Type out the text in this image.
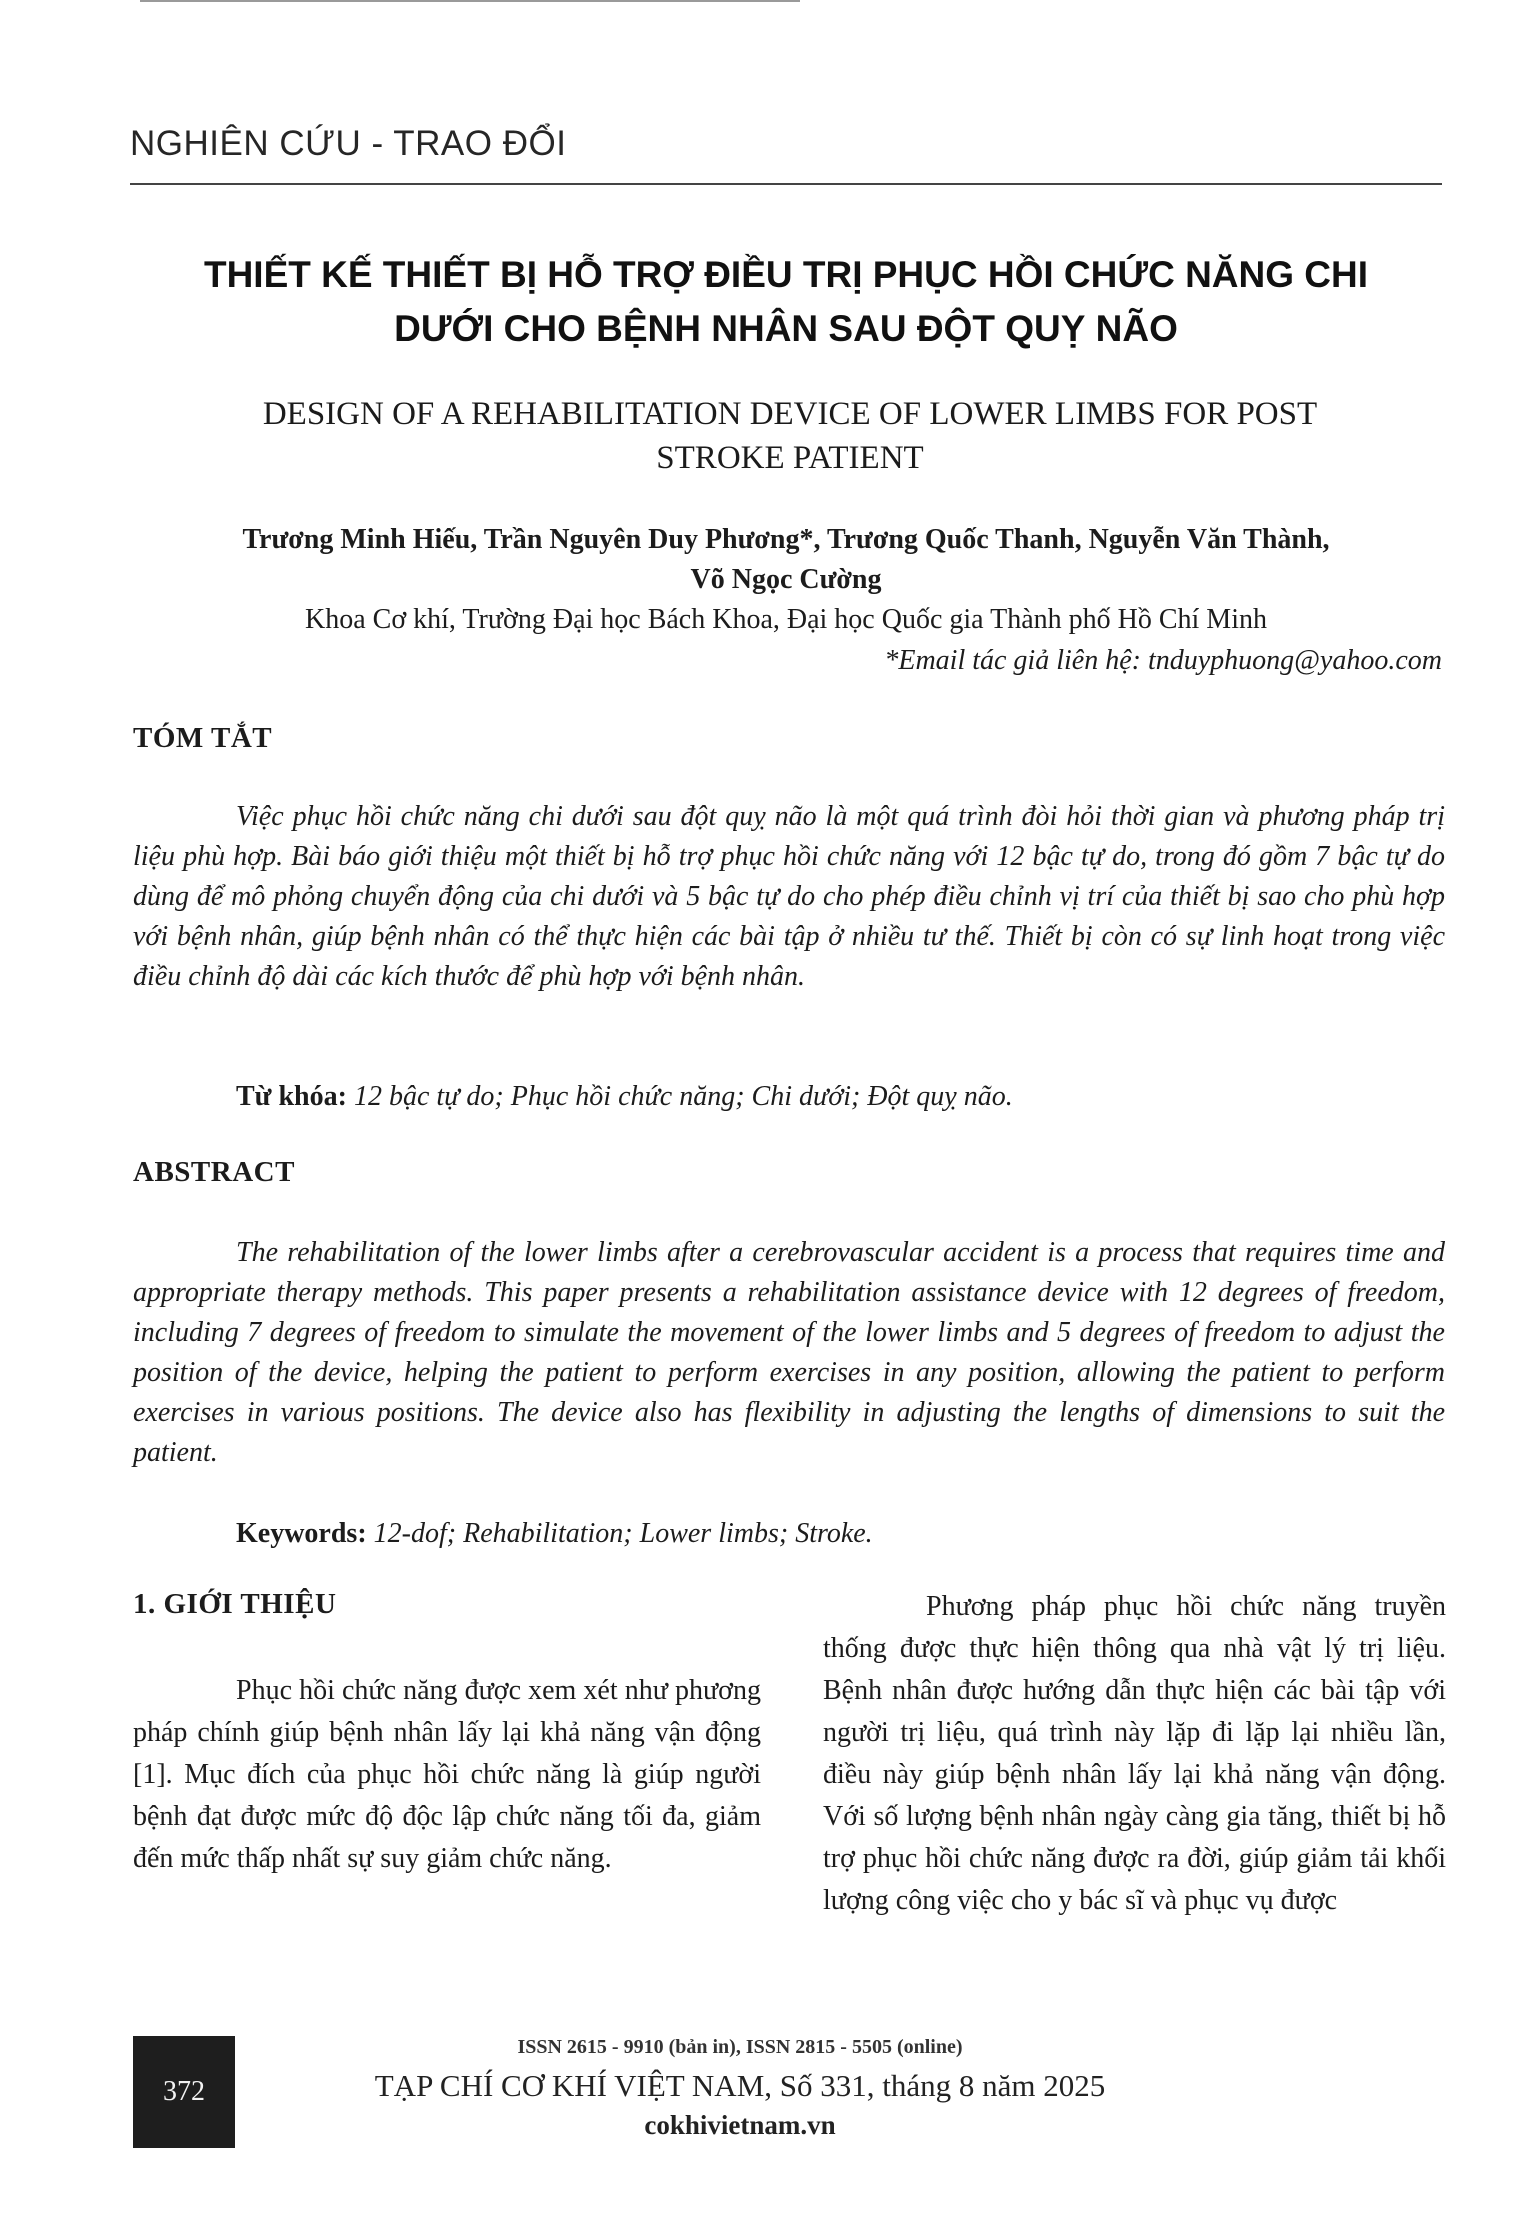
NGHIÊN CỨU - TRAO ĐỔI
THIẾT KẾ THIẾT BỊ HỖ TRỢ ĐIỀU TRỊ PHỤC HỒI CHỨC NĂNG CHI
DƯỚI CHO BỆNH NHÂN SAU ĐỘT QUỴ NÃO
DESIGN OF A REHABILITATION DEVICE OF LOWER LIMBS FOR POST
STROKE PATIENT
Trương Minh Hiếu, Trần Nguyên Duy Phương*, Trương Quốc Thanh, Nguyễn Văn Thành,
Võ Ngọc Cường
Khoa Cơ khí, Trường Đại học Bách Khoa, Đại học Quốc gia Thành phố Hồ Chí Minh
*Email tác giả liên hệ: tnduyphuong@yahoo.com
TÓM TẮT
Việc phục hồi chức năng chi dưới sau đột quỵ não là một quá trình đòi hỏi thời gian và phương pháp trị liệu phù hợp. Bài báo giới thiệu một thiết bị hỗ trợ phục hồi chức năng với 12 bậc tự do, trong đó gồm 7 bậc tự do dùng để mô phỏng chuyển động của chi dưới và 5 bậc tự do cho phép điều chỉnh vị trí của thiết bị sao cho phù hợp với bệnh nhân, giúp bệnh nhân có thể thực hiện các bài tập ở nhiều tư thế. Thiết bị còn có sự linh hoạt trong việc điều chỉnh độ dài các kích thước để phù hợp với bệnh nhân.
Từ khóa: 12 bậc tự do; Phục hồi chức năng; Chi dưới; Đột quỵ não.
ABSTRACT
The rehabilitation of the lower limbs after a cerebrovascular accident is a process that requires time and appropriate therapy methods. This paper presents a rehabilitation assistance device with 12 degrees of freedom, including 7 degrees of freedom to simulate the movement of the lower limbs and 5 degrees of freedom to adjust the position of the device, helping the patient to perform exercises in any position, allowing the patient to perform exercises in various positions. The device also has flexibility in adjusting the lengths of dimensions to suit the patient.
Keywords: 12-dof; Rehabilitation; Lower limbs; Stroke.
1. GIỚI THIỆU
Phục hồi chức năng được xem xét như phương pháp chính giúp bệnh nhân lấy lại khả năng vận động [1]. Mục đích của phục hồi chức năng là giúp người bệnh đạt được mức độ độc lập chức năng tối đa, giảm đến mức thấp nhất sự suy giảm chức năng.
Phương pháp phục hồi chức năng truyền thống được thực hiện thông qua nhà vật lý trị liệu. Bệnh nhân được hướng dẫn thực hiện các bài tập với người trị liệu, quá trình này lặp đi lặp lại nhiều lần, điều này giúp bệnh nhân lấy lại khả năng vận động. Với số lượng bệnh nhân ngày càng gia tăng, thiết bị hỗ trợ phục hồi chức năng được ra đời, giúp giảm tải khối lượng công việc cho y bác sĩ và phục vụ được
372
ISSN 2615 - 9910 (bản in), ISSN 2815 - 5505 (online)
TẠP CHÍ CƠ KHÍ VIỆT NAM, Số 331, tháng 8 năm 2025
cokhivietnam.vn
